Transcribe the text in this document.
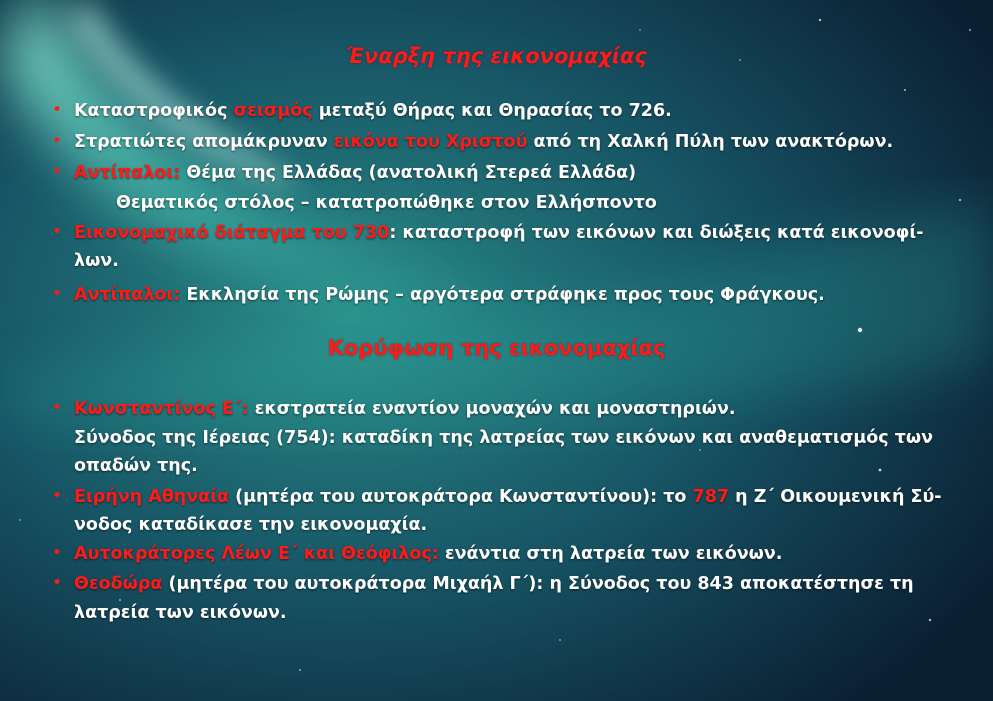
Έναρξη της εικονομαχίας
• Καταστροφικός σεισμός μεταξύ Θήρας και Θηρασίας το 726.
• Στρατιώτες απομάκρυναν εικόνα του Χριστού από τη Χαλκή Πύλη των ανακτόρων.
• Αντίπαλοι: Θέμα της Ελλάδας (ανατολική Στερεά Ελλάδα)
Θεματικός στόλος – κατατροπώθηκε στον Ελλήσποντο
• Εικονομαχικό διάταγμα του 730: καταστροφή των εικόνων και διώξεις κατά εικονοφί-
λων.
• Αντίπαλοι: Εκκλησία της Ρώμης – αργότερα στράφηκε προς τους Φράγκους.
Κορύφωση της εικονομαχίας
• Κωνσταντίνος Ε΄: εκστρατεία εναντίον μοναχών και μοναστηριών.
Σύνοδος της Ιέρειας (754): καταδίκη της λατρείας των εικόνων και αναθεματισμός των
οπαδών της.
• Ειρήνη Αθηναία (μητέρα του αυτοκράτορα Κωνσταντίνου): το 787 η Ζ΄ Οικουμενική Σύ-
νοδος καταδίκασε την εικονομαχία.
• Αυτοκράτορες Λέων Ε΄ και Θεόφιλος: ενάντια στη λατρεία των εικόνων.
• Θεοδώρα (μητέρα του αυτοκράτορα Μιχαήλ Γ΄): η Σύνοδος του 843 αποκατέστησε τη
λατρεία των εικόνων.
